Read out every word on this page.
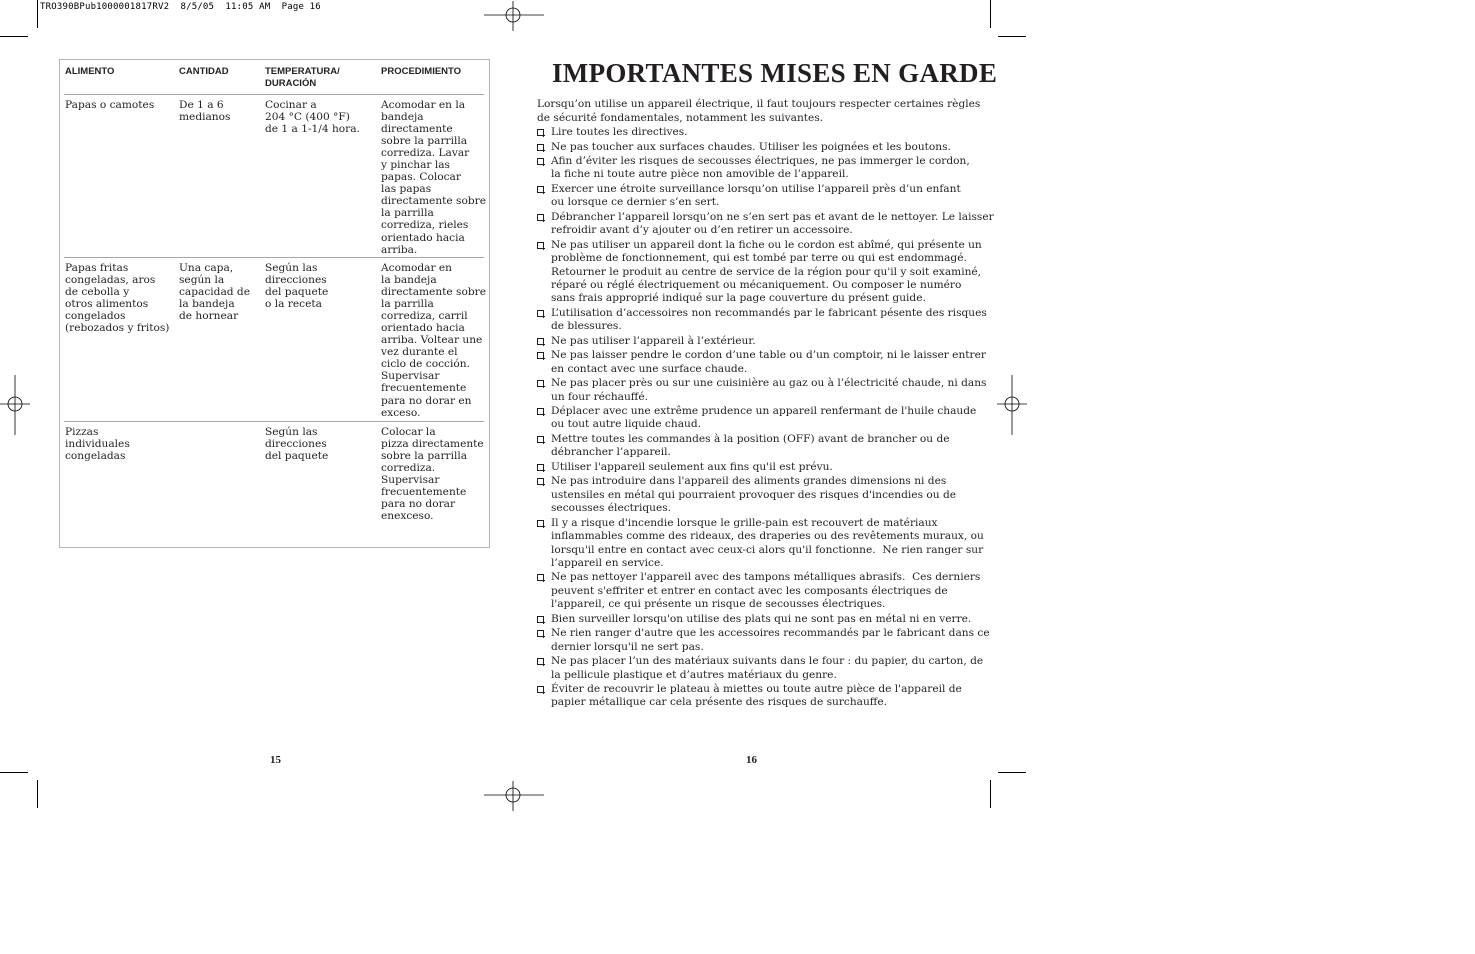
TRO390BPub1000001817RV2  8/5/05  11:05 AM  Page 16
ALIMENTO	CANTIDAD	TEMPERATURA/
DURACIÓN
PROCEDIMIENTO
Papas o camotes De 1 a 6
medianos
Cocinar a
204 °C (400 °F)
de 1 a 1-1/4 hora.
Acomodar en la
bandeja
directamente
sobre la parrilla
corrediza. Lavar
y pinchar las
papas. Colocar
las papas
directamente sobre
la parrilla
corrediza, rieles
orientado hacia
arriba.
Papas fritas
congeladas, aros
de cebolla y
otros alimentos
congelados
(rebozados y fritos)
Una capa,
según la
capacidad de
la bandeja
de hornear
Según las
direcciones
del paquete
o la receta
Acomodar en
la bandeja
directamente sobre
la parrilla
corrediza, carril
orientado hacia
arriba. Voltear une
vez durante el
ciclo de cocción.
Supervisar
frecuentemente
para no dorar en
exceso.
Pizzas
individuales
congeladas
Según las
direcciones
del paquete
Colocar la
pizza directamente
sobre la parrilla
corrediza.
Supervisar
frecuentemente
para no dorar
enexceso.
15
IMPORTANTES MISES EN GARDE
Lorsqu’on utilise un appareil électrique, il faut toujours respecter certaines règles
de sécurité fondamentales, notamment les suivantes.
Lire toutes les directives.
Ne pas toucher aux surfaces chaudes. Utiliser les poignées et les boutons.
Afin d’éviter les risques de secousses électriques, ne pas immerger le cordon,
la fiche ni toute autre pièce non amovible de l’appareil.
Exercer une étroite surveillance lorsqu’on utilise l’appareil près d’un enfant
ou lorsque ce dernier s’en sert.
Débrancher l’appareil lorsqu’on ne s’en sert pas et avant de le nettoyer. Le laisser
refroidir avant d’y ajouter ou d’en retirer un accessoire.
Ne pas utiliser un appareil dont la fiche ou le cordon est abîmé, qui présente un
problème de fonctionnement, qui est tombé par terre ou qui est endommagé.
Retourner le produit au centre de service de la région pour qu'il y soit examiné,
réparé ou réglé électriquement ou mécaniquement. Ou composer le numéro
sans frais approprié indiqué sur la page couverture du présent guide.
L’utilisation d’accessoires non recommandés par le fabricant pésente des risques
de blessures.
Ne pas utiliser l’appareil à l’extérieur.
Ne pas laisser pendre le cordon d’une table ou d’un comptoir, ni le laisser entrer
en contact avec une surface chaude.
Ne pas placer près ou sur une cuisinière au gaz ou à l’électricité chaude, ni dans
un four réchauffé.
Déplacer avec une extrême prudence un appareil renfermant de l'huile chaude
ou tout autre liquide chaud.
Mettre toutes les commandes à la position (OFF) avant de brancher ou de
débrancher l’appareil.
Utiliser l'appareil seulement aux fins qu'il est prévu.
Ne pas introduire dans l'appareil des aliments grandes dimensions ni des
ustensiles en métal qui pourraient provoquer des risques d'incendies ou de
secousses électriques.
Il y a risque d'incendie lorsque le grille-pain est recouvert de matériaux
inflammables comme des rideaux, des draperies ou des revêtements muraux, ou
lorsqu'il entre en contact avec ceux-ci alors qu'il fonctionne.  Ne rien ranger sur
l’appareil en service.
Ne pas nettoyer l'appareil avec des tampons métalliques abrasifs.  Ces derniers
peuvent s'effriter et entrer en contact avec les composants électriques de
l'appareil, ce qui présente un risque de secousses électriques.
Bien surveiller lorsqu'on utilise des plats qui ne sont pas en métal ni en verre.
Ne rien ranger d'autre que les accessoires recommandés par le fabricant dans ce
dernier lorsqu'il ne sert pas.
Ne pas placer l’un des matériaux suivants dans le four : du papier, du carton, de
la pellicule plastique et d’autres matériaux du genre.
Éviter de recouvrir le plateau à miettes ou toute autre pièce de l'appareil de
papier métallique car cela présente des risques de surchauffe.
16
